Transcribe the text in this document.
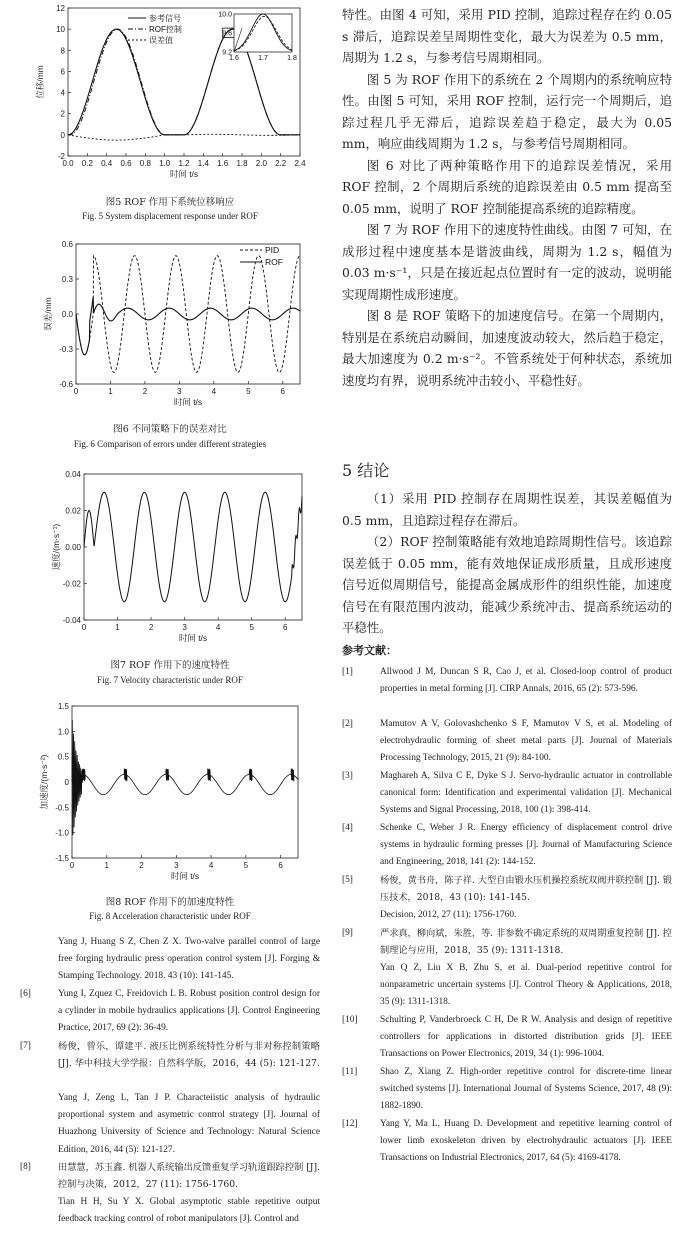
0.0 0.2 0.4 0.6 0.8 1.0 1.2 1.4 1.6 1.8 2.0 2.2 2.4
-2
0
2
4
6
8
10
12
时间 t/s
位移/mm
参考信号
ROF控制
误差值
1.6	1.7	1.8
9.2
9.6
10.0
图5 ROF 作用下系统位移响应
Fig. 5 System displacement response under ROF
0	1	2	3	4	5	6
-0.6
-0.3
0.0
0.3
0.6
时间 t/s
误差/mm
PID
ROF
图6 不同策略下的误差对比
Fig. 6 Comparison of errors under different strategies
0	1	2	3	4	5	6
-0.04
-0.02
0.00
0.02
0.04
时间 t/s
速度/(m·s⁻¹)
图7 ROF 作用下的速度特性
Fig. 7 Velocity characteristic under ROF
0	1	2	3	4	5	6
-1.5
-1.0
-0.5
0
0.5
1.0
1.5
时间 t/s
加速度/(m·s⁻²)
图8 ROF 作用下的加速度特性
Fig. 8 Acceleration characteristic under ROF
Yang J, Huang S Z, Chen Z X. Two-valve parallel control of large free forging hydraulic press operation control system [J]. Forging & Stamping Technology. 2018. 43 (10): 141-145.
[6]	Yung I, Zquez C, Freidovich L B. Robust position control design for a cylinder in mobile hydraulics applications [J]. Control Engineering Practice, 2017, 69 (2): 36-49.
[7]	杨俊，曾乐，谭建平. 液压比例系统特性分析与非对称控制策略 [J]. 华中科技大学学报：自然科学版，2016，44 (5): 121-127.
Yang J, Zeng L, Tan J P. Characteiistic analysis of hydraulic proportional system and asymetric control strategy [J]. Journal of Huazhong University of Science and Technology: Natural Science Edition, 2016, 44 (5): 121-127.
[8]	田慧慧，苏玉鑫. 机器人系统输出反馈重复学习轨道跟踪控制 [J]. 控制与决策，2012，27 (11): 1756-1760.
Tian H H, Su Y X. Global asymptotic stable repetitive output feedback tracking control of robot manipulators [J]. Control and

特性。由图 4 可知，采用 PID 控制，追踪过程存在约 0.05 s 滞后，追踪误差呈周期性变化，最大为误差为 0.5 mm，周期为 1.2 s，与参考信号周期相同。

图 5 为 ROF 作用下的系统在 2 个周期内的系统响应特性。由图 5 可知，采用 ROF 控制，运行完一个周期后，追踪过程几乎无滞后，追踪误差趋于稳定，最大为 0.05 mm，响应曲线周期为 1.2 s，与参考信号周期相同。

图 6 对比了两种策略作用下的追踪误差情况，采用 ROF 控制，2 个周期后系统的追踪误差由 0.5 mm 提高至 0.05 mm，说明了 ROF 控制能提高系统的追踪精度。

图 7 为 ROF 作用下的速度特性曲线。由图 7 可知，在成形过程中速度基本是谐波曲线，周期为 1.2 s，幅值为 0.03 m·s⁻¹，只是在接近起点位置时有一定的波动，说明能实现周期性成形速度。

图 8 是 ROF 策略下的加速度信号。在第一个周期内，特别是在系统启动瞬间，加速度波动较大，然后趋于稳定，最大加速度为 0.2 m·s⁻²。不管系统处于何种状态，系统加速度均有界，说明系统冲击较小、平稳性好。

5 结论

（1）采用 PID 控制存在周期性误差，其误差幅值为 0.5 mm，且追踪过程存在滞后。

（2）ROF 控制策略能有效地追踪周期性信号。该追踪误差低于 0.05 mm，能有效地保证成形质量，且成形速度信号近似周期信号，能提高金属成形件的组织性能，加速度信号在有限范围内波动，能减少系统冲击、提高系统运动的平稳性。

参考文献：
[1]	Allwood J M, Duncan S R, Cao J, et al. Closed-loop control of product properties in metal forming [J]. CIRP Annals, 2016, 65 (2): 573-596.
[2]	Mamutov A V, Golovashchenko S F, Mamutov V S, et al. Modeling of electrohydraulic forming of sheet metal parts [J]. Journal of Materials Processing Technology, 2015, 21 (9): 84-100.
[3]	Maghareh A, Silva C E, Dyke S J. Servo-hydraulic actuator in controllable canonical form: Identification and experimental validation [J]. Mechanical Systems and Signal Processing, 2018, 100 (1): 398-414.
[4]	Schenke C, Weber J R. Energy efficiency of displacement control drive systems in hydraulic forming presses [J]. Journal of Manufacturing Science and Engineering, 2018, 141 (2): 144-152.
[5]	杨俊，黄书舟，陈子祥. 大型自由锻水压机操控系统双阀并联控制 [J]. 锻压技术，2018，43 (10): 141-145.
Decision, 2012, 27 (11): 1756-1760.
[9]	严求真，柳向斌，朱胜，等. 非参数不确定系统的双周期重复控制 [J]. 控制理论与应用，2018，35 (9): 1311-1318.
Yan Q Z, Liu X B, Zhu S, et al. Dual-period repetitive control for nonparametric uncertain systems [J]. Control Theory & Applications, 2018, 35 (9): 1311-1318.
[10] Schulting P, Vanderbroeck C H, De R W. Analysis and design of repetitive controllers for applications in distorted distribution grids [J]. IEEE Transactions on Power Electronics, 2019, 34 (1): 996-1004.
[11] Shao Z, Xiang Z. High-order repetitive control for discrete-time linear switched systems [J]. International Journal of Systems Science, 2017, 48 (9): 1882-1890.
[12] Yang Y, Ma L, Huang D. Development and repetitive learning control of lower limb exoskeleton driven by electrohydraulic actuators [J]. IEEE Transactions on Industrial Electronics, 2017, 64 (5): 4169-4178.
